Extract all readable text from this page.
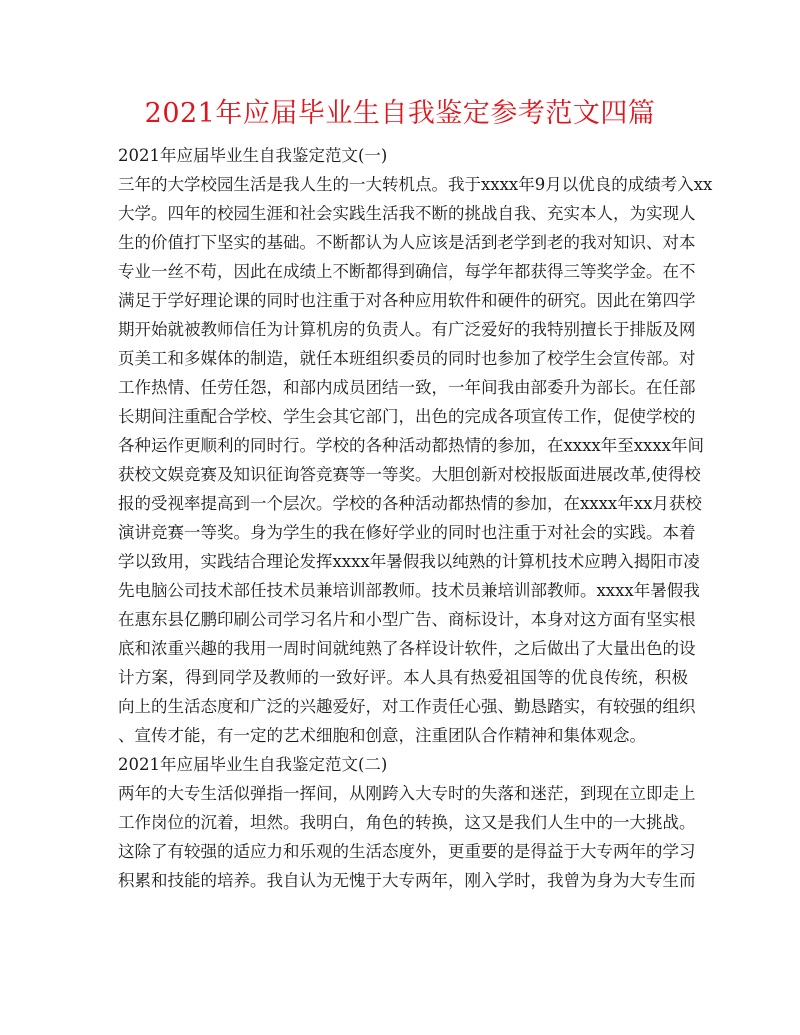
2021年应届毕业生自我鉴定参考范文四篇
2021年应届毕业生自我鉴定范文(一)
三年的大学校园生活是我人生的一大转机点。我于xxxx年9月以优良的成绩考入xx
大学。四年的校园生涯和社会实践生活我不断的挑战自我、充实本人，为实现人
生的价值打下坚实的基础。不断都认为人应该是活到老学到老的我对知识、对本
专业一丝不苟，因此在成绩上不断都得到确信，每学年都获得三等奖学金。在不
满足于学好理论课的同时也注重于对各种应用软件和硬件的研究。因此在第四学
期开始就被教师信任为计算机房的负责人。有广泛爱好的我特别擅长于排版及网
页美工和多媒体的制造，就任本班组织委员的同时也参加了校学生会宣传部。对
工作热情、任劳任怨，和部内成员团结一致，一年间我由部委升为部长。在任部
长期间注重配合学校、学生会其它部门，出色的完成各项宣传工作，促使学校的
各种运作更顺利的同时行。学校的各种活动都热情的参加，在xxxx年至xxxx年间
获校文娱竞赛及知识征询答竞赛等一等奖。大胆创新对校报版面进展改革,使得校
报的受视率提高到一个层次。学校的各种活动都热情的参加，在xxxx年xx月获校
演讲竞赛一等奖。身为学生的我在修好学业的同时也注重于对社会的实践。本着
学以致用，实践结合理论发挥xxxx年暑假我以纯熟的计算机技术应聘入揭阳市凌
先电脑公司技术部任技术员兼培训部教师。技术员兼培训部教师。xxxx年暑假我
在惠东县亿鹏印刷公司学习名片和小型广告、商标设计，本身对这方面有坚实根
底和浓重兴趣的我用一周时间就纯熟了各样设计软件，之后做出了大量出色的设
计方案，得到同学及教师的一致好评。本人具有热爱祖国等的优良传统，积极
向上的生活态度和广泛的兴趣爱好，对工作责任心强、勤恳踏实，有较强的组织
、宣传才能，有一定的艺术细胞和创意，注重团队合作精神和集体观念。
2021年应届毕业生自我鉴定范文(二)
两年的大专生活似弹指一挥间，从刚跨入大专时的失落和迷茫，到现在立即走上
工作岗位的沉着，坦然。我明白，角色的转换，这又是我们人生中的一大挑战。
这除了有较强的适应力和乐观的生活态度外，更重要的是得益于大专两年的学习
积累和技能的培养。我自认为无愧于大专两年，刚入学时，我曾为身为大专生而
